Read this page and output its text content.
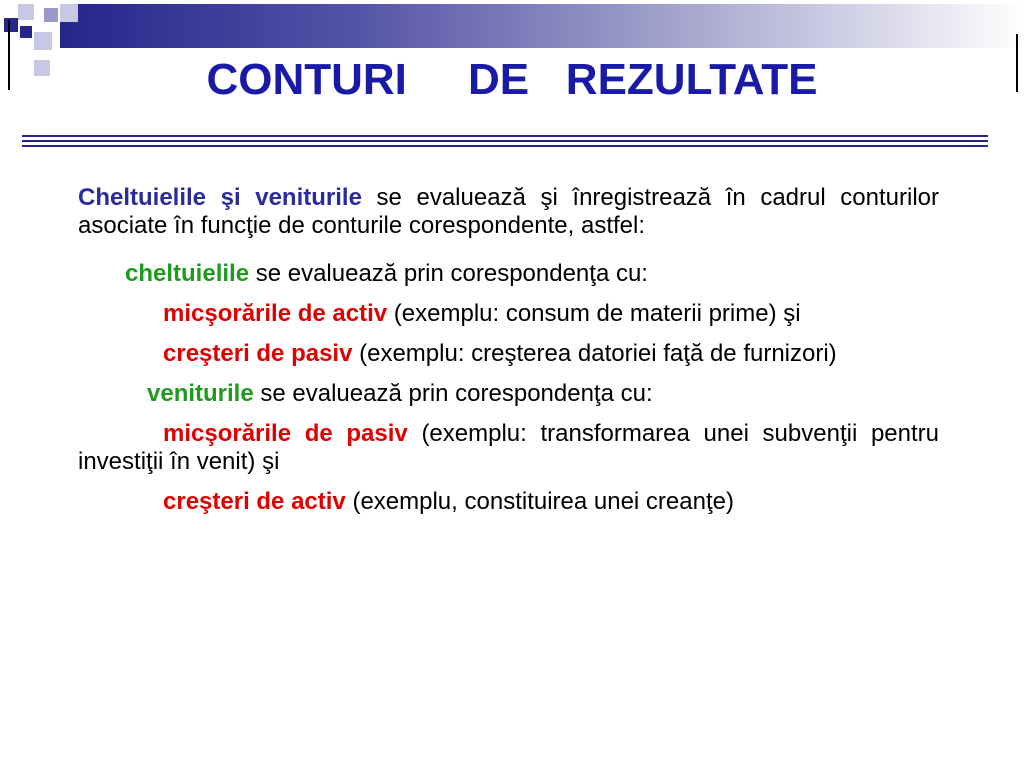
CONTURI     DE   REZULTATE

Cheltuielile şi veniturile se evaluează şi înregistrează în cadrul conturilor asociate în funcţie de conturile corespondente, astfel:

cheltuielile se evaluează prin corespondenţa cu:

micşorările de activ (exemplu: consum de materii prime) şi

creşteri de pasiv (exemplu: creşterea datoriei faţă de furnizori)

veniturile se evaluează prin corespondenţa cu:

micşorările de pasiv (exemplu: transformarea unei subvenţii pentru investiţii în venit) şi

creşteri de activ (exemplu, constituirea unei creanţe)
